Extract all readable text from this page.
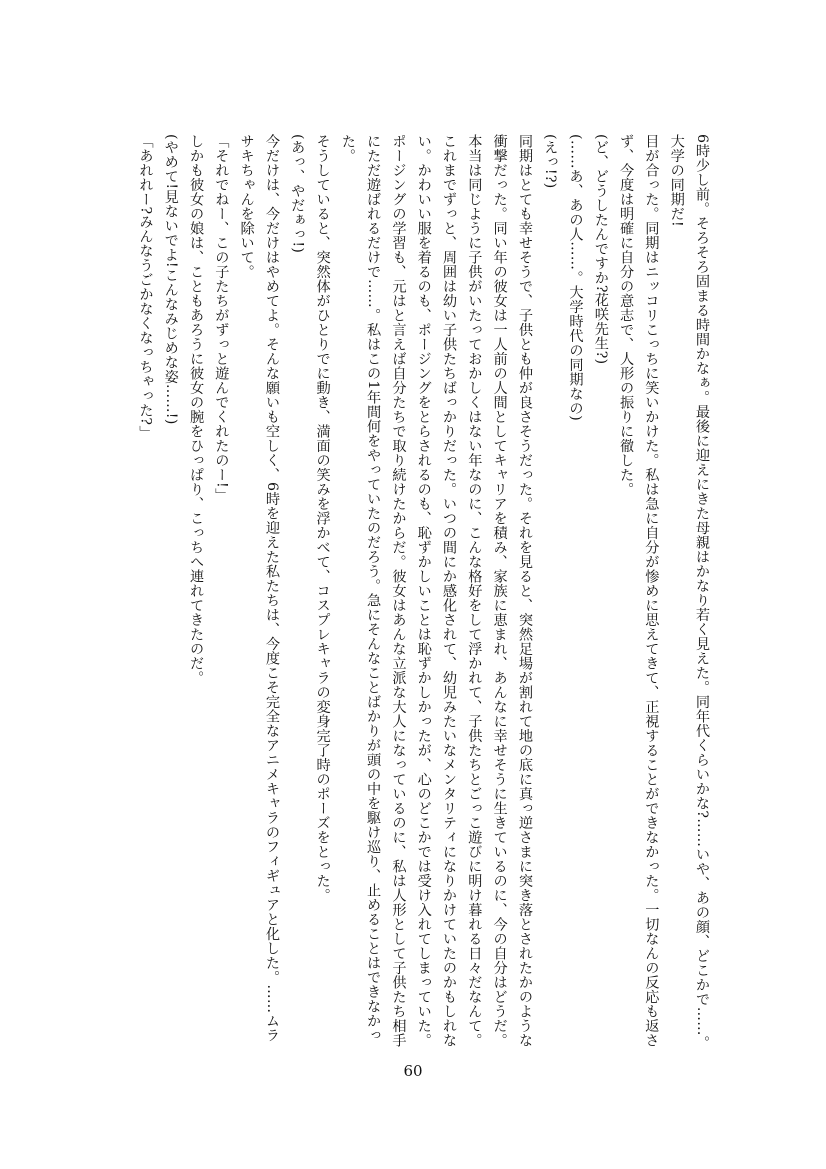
6時少し前。そろそろ固まる時間かなぁ。最後に迎えにきた母親はかなり若く見えた。同年代くらいかな?……いや、あの顔、どこかで……。
大学の同期だ!
目が合った。同期はニッコリこっちに笑いかけた。私は急に自分が惨めに思えてきて、正視することができなかった。一切なんの反応も返さ
ず、今度は明確に自分の意志で、人形の振りに徹した。
(ど、どうしたんですか?花咲先生?)
(……あ、あの人……。大学時代の同期なの)
(えっ!?)
同期はとても幸せそうで、子供とも仲が良さそうだった。それを見ると、突然足場が割れて地の底に真っ逆さまに突き落とされたかのような
衝撃だった。同い年の彼女は一人前の人間としてキャリアを積み、家族に恵まれ、あんなに幸せそうに生きているのに、今の自分はどうだ。
本当は同じように子供がいたっておかしくはない年なのに、こんな格好をして浮かれて、子供たちとごっこ遊びに明け暮れる日々だなんて。
これまでずっと、周囲は幼い子供たちばっかりだった。いつの間にか感化されて、幼児みたいなメンタリティになりかけていたのかもしれな
い。かわいい服を着るのも、ポージングをとらされるのも、恥ずかしいことは恥ずかしかったが、心のどこかでは受け入れてしまっていた。
ポージングの学習も、元はと言えば自分たちで取り続けたからだ。彼女はあんな立派な大人になっているのに、私は人形として子供たち相手
にただ遊ばれるだけで……。私はこの1年間何をやっていたのだろう。急にそんなことばかりが頭の中を駆け巡り、止めることはできなかっ
た。
そうしていると、突然体がひとりでに動き、満面の笑みを浮かべて、コスプレキャラの変身完了時のポーズをとった。
(あっ、やだぁっ!)
今だけは、今だけはやめてよ。そんな願いも空しく、6時を迎えた私たちは、今度こそ完全なアニメキャラのフィギュアと化した。……ムラ
サキちゃんを除いて。
「それでねー、この子たちがずっと遊んでくれたのー!」
しかも彼女の娘は、こともあろうに彼女の腕をひっぱり、こっちへ連れてきたのだ。
(やめて!見ないでよ!こんなみじめな姿……!)
「あれれー?みんなうごかなくなっちゃった?」
60
